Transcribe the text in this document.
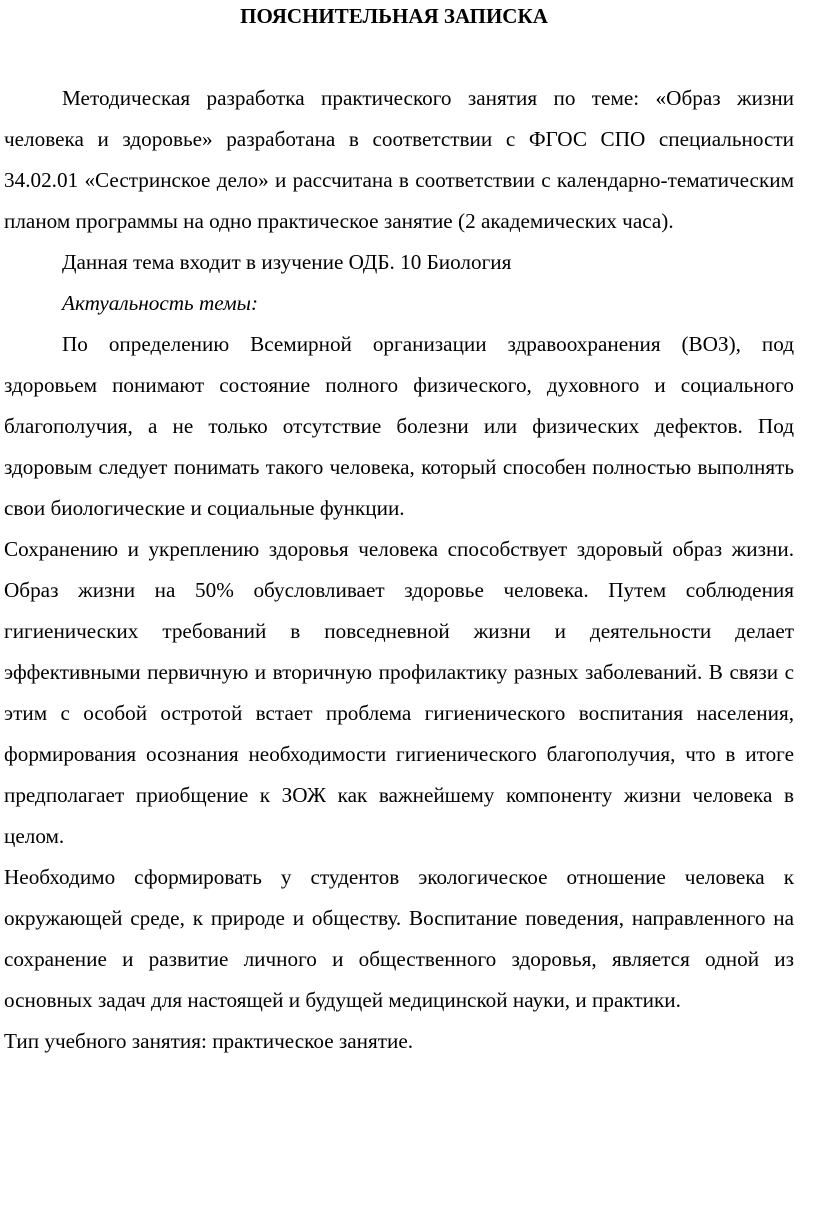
ПОЯСНИТЕЛЬНАЯ ЗАПИСКА

Методическая разработка практического занятия по теме: «Образ жизни человека и здоровье» разработана в соответствии с ФГОС СПО специальности 34.02.01 «Сестринское дело» и рассчитана в соответствии с календарно-тематическим планом программы на одно практическое занятие (2 академических часа).

Данная тема входит в изучение ОДБ. 10 Биология

Актуальность темы:

По определению Всемирной организации здравоохранения (ВОЗ), под здоровьем понимают состояние полного физического, духовного и социального благополучия, а не только отсутствие болезни или физических дефектов. Под здоровым следует понимать такого человека, который способен полностью выполнять свои биологические и социальные функции.

Сохранению и укреплению здоровья человека способствует здоровый образ жизни. Образ жизни на 50% обусловливает здоровье человека. Путем соблюдения гигиенических требований в повседневной жизни и деятельности делает эффективными первичную и вторичную профилактику разных заболеваний. В связи с этим с особой остротой встает проблема гигиенического воспитания населения, формирования осознания необходимости гигиенического благополучия, что в итоге предполагает приобщение к ЗОЖ как важнейшему компоненту жизни человека в целом.

Необходимо сформировать у студентов экологическое отношение человека к окружающей среде, к природе и обществу. Воспитание поведения, направленного на сохранение и развитие личного и общественного здоровья, является одной из основных задач для настоящей и будущей медицинской науки, и практики.

Тип учебного занятия: практическое занятие.
